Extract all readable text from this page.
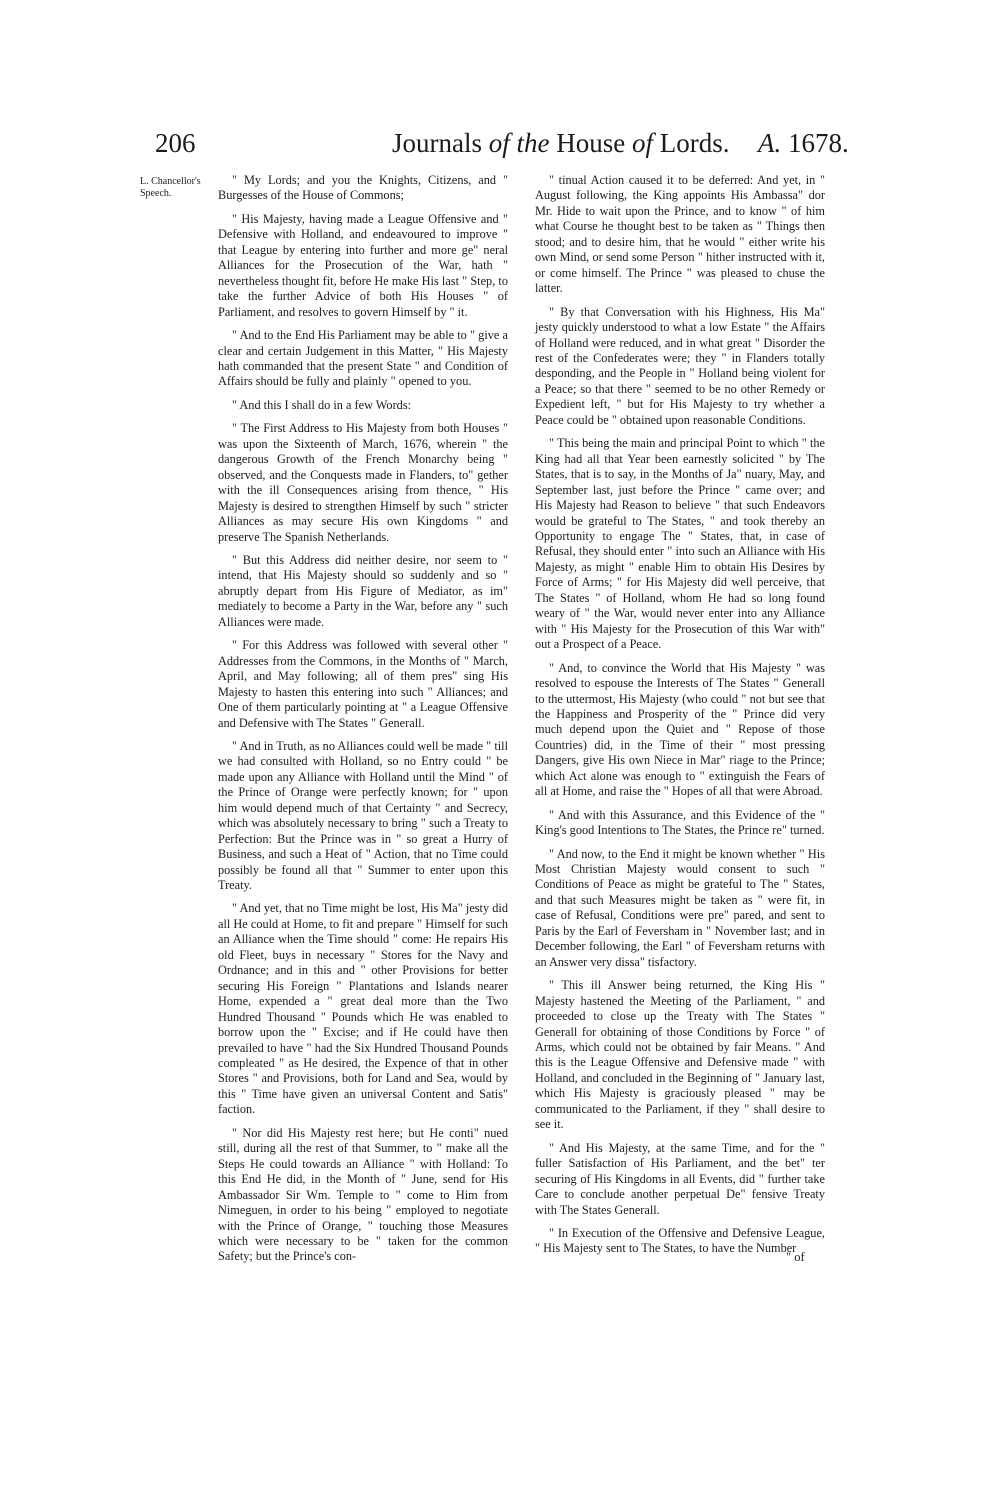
206	Journals of the House of Lords. A. 1678.
L. Chancellor's Speech.

" My Lords; and you the Knights, Citizens, and " Burgesses of the House of Commons;

" His Majesty, having made a League Offensive and " Defensive with Holland, and endeavoured to improve " that League by entering into further and more ge" neral Alliances for the Prosecution of the War, hath " nevertheless thought fit, before He make His last " Step, to take the further Advice of both His Houses " of Parliament, and resolves to govern Himself by " it.

" And to the End His Parliament may be able to " give a clear and certain Judgement in this Matter, " His Majesty hath commanded that the present State " and Condition of Affairs should be fully and plainly " opened to you.

" And this I shall do in a few Words:

" The First Address to His Majesty from both Houses " was upon the Sixteenth of March, 1676, wherein " the dangerous Growth of the French Monarchy being " observed, and the Conquests made in Flanders, to" gether with the ill Consequences arising from thence, " His Majesty is desired to strengthen Himself by such " stricter Alliances as may secure His own Kingdoms " and preserve The Spanish Netherlands.

" But this Address did neither desire, nor seem to " intend, that His Majesty should so suddenly and so " abruptly depart from His Figure of Mediator, as im" mediately to become a Party in the War, before any " such Alliances were made.

" For this Address was followed with several other " Addresses from the Commons, in the Months of " March, April, and May following; all of them pres" sing His Majesty to hasten this entering into such " Alliances; and One of them particularly pointing at " a League Offensive and Defensive with The States " Generall.

" And in Truth, as no Alliances could well be made " till we had consulted with Holland, so no Entry could " be made upon any Alliance with Holland until the Mind " of the Prince of Orange were perfectly known; for " upon him would depend much of that Certainty " and Secrecy, which was absolutely necessary to bring " such a Treaty to Perfection: But the Prince was in " so great a Hurry of Business, and such a Heat of " Action, that no Time could possibly be found all that " Summer to enter upon this Treaty.

" And yet, that no Time might be lost, His Ma" jesty did all He could at Home, to fit and prepare " Himself for such an Alliance when the Time should " come: He repairs His old Fleet, buys in necessary " Stores for the Navy and Ordnance; and in this and " other Provisions for better securing His Foreign " Plantations and Islands nearer Home, expended a " great deal more than the Two Hundred Thousand " Pounds which He was enabled to borrow upon the " Excise; and if He could have then prevailed to have " had the Six Hundred Thousand Pounds compleated " as He desired, the Expence of that in other Stores " and Provisions, both for Land and Sea, would by this " Time have given an universal Content and Satis" faction.

" Nor did His Majesty rest here; but He conti" nued still, during all the rest of that Summer, to " make all the Steps He could towards an Alliance " with Holland: To this End He did, in the Month of " June, send for His Ambassador Sir Wm. Temple to " come to Him from Nimeguen, in order to his being " employed to negotiate with the Prince of Orange, " touching those Measures which were necessary to be " taken for the common Safety; but the Prince's con-

" tinual Action caused it to be deferred: And yet, in " August following, the King appoints His Ambassa" dor Mr. Hide to wait upon the Prince, and to know " of him what Course he thought best to be taken as " Things then stood; and to desire him, that he would " either write his own Mind, or send some Person " hither instructed with it, or come himself. The Prince " was pleased to chuse the latter.

" By that Conversation with his Highness, His Ma" jesty quickly understood to what a low Estate " the Affairs of Holland were reduced, and in what great " Disorder the rest of the Confederates were; they " in Flanders totally desponding, and the People in " Holland being violent for a Peace; so that there " seemed to be no other Remedy or Expedient left, " but for His Majesty to try whether a Peace could be " obtained upon reasonable Conditions.

" This being the main and principal Point to which " the King had all that Year been earnestly solicited " by The States, that is to say, in the Months of Ja" nuary, May, and September last, just before the Prince " came over; and His Majesty had Reason to believe " that such Endeavors would be grateful to The States, " and took thereby an Opportunity to engage The " States, that, in case of Refusal, they should enter " into such an Alliance with His Majesty, as might " enable Him to obtain His Desires by Force of Arms; " for His Majesty did well perceive, that The States " of Holland, whom He had so long found weary of " the War, would never enter into any Alliance with " His Majesty for the Prosecution of this War with" out a Prospect of a Peace.

" And, to convince the World that His Majesty " was resolved to espouse the Interests of The States " Generall to the uttermost, His Majesty (who could " not but see that the Happiness and Prosperity of the " Prince did very much depend upon the Quiet and " Repose of those Countries) did, in the Time of their " most pressing Dangers, give His own Niece in Mar" riage to the Prince; which Act alone was enough to " extinguish the Fears of all at Home, and raise the " Hopes of all that were Abroad.

" And with this Assurance, and this Evidence of the " King's good Intentions to The States, the Prince re" turned.

" And now, to the End it might be known whether " His Most Christian Majesty would consent to such " Conditions of Peace as might be grateful to The " States, and that such Measures might be taken as " were fit, in case of Refusal, Conditions were pre" pared, and sent to Paris by the Earl of Feversham in " November last; and in December following, the Earl " of Feversham returns with an Answer very dissa" tisfactory.

" This ill Answer being returned, the King His " Majesty hastened the Meeting of the Parliament, " and proceeded to close up the Treaty with The States " Generall for obtaining of those Conditions by Force " of Arms, which could not be obtained by fair Means. " And this is the League Offensive and Defensive made " with Holland, and concluded in the Beginning of " January last, which His Majesty is graciously pleased " may be communicated to the Parliament, if they " shall desire to see it.

" And His Majesty, at the same Time, and for the " fuller Satisfaction of His Parliament, and the bet" ter securing of His Kingdoms in all Events, did " further take Care to conclude another perpetual De" fensive Treaty with The States Generall.

" In Execution of the Offensive and Defensive League, " His Majesty sent to The States, to have the Number

" of
